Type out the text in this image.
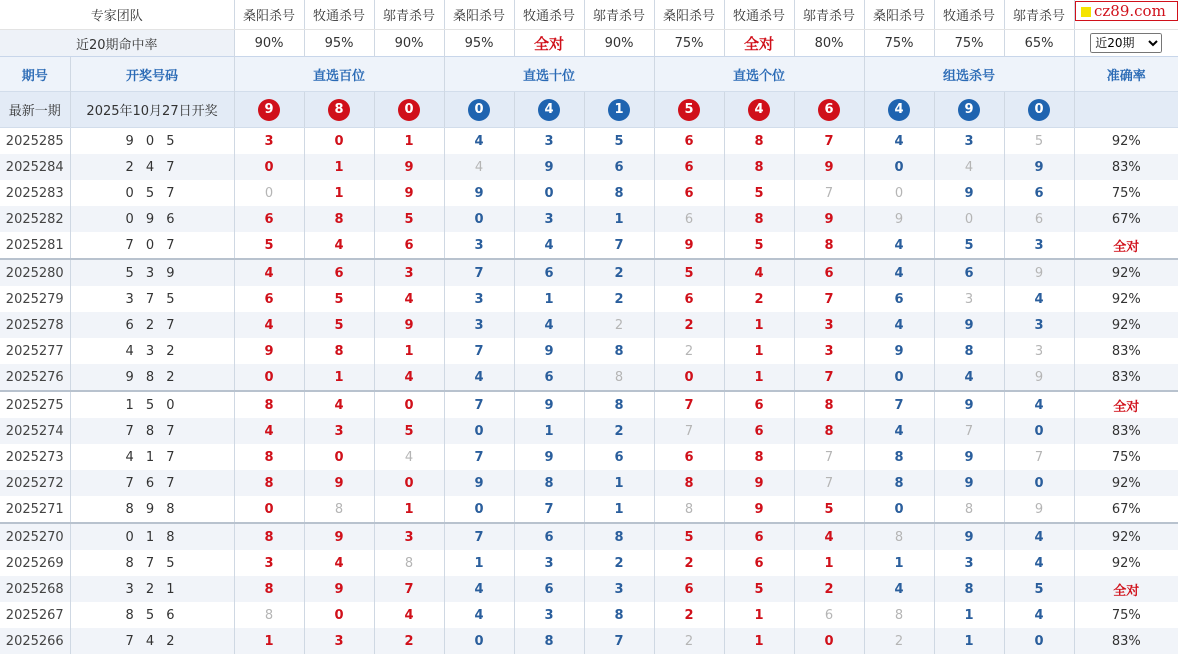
cz89.com
专家团队		桑阳杀号	牧通杀号	邬青杀号	桑阳杀号	牧通杀号	邬青杀号	桑阳杀号	牧通杀号	邬青杀号	桑阳杀号	牧通杀号	邬青杀号	
近20期命中率		90%	95%	90%	95%	全对	90%	75%	全对	80%	75%	75%	65%	
近20期
期号	开奖号码	直选百位			直选十位			直选个位			组选杀号			准确率
最新一期	2025年10月27日开奖	9	8	0	0	4	1	5	4	6	4	9	0	
2025285	9 0 5	3	0	1	4	3	5	6	8	7	4	3	5	92%
2025284	2 4 7	0	1	9	4	9	6	6	8	9	0	4	9	83%
2025283	0 5 7	0	1	9	9	0	8	6	5	7	0	9	6	75%
2025282	0 9 6	6	8	5	0	3	1	6	8	9	9	0	6	67%
2025281	7 0 7	5	4	6	3	4	7	9	5	8	4	5	3	全对
2025280	5 3 9	4	6	3	7	6	2	5	4	6	4	6	9	92%
2025279	3 7 5	6	5	4	3	1	2	6	2	7	6	3	4	92%
2025278	6 2 7	4	5	9	3	4	2	2	1	3	4	9	3	92%
2025277	4 3 2	9	8	1	7	9	8	2	1	3	9	8	3	83%
2025276	9 8 2	0	1	4	4	6	8	0	1	7	0	4	9	83%
2025275	1 5 0	8	4	0	7	9	8	7	6	8	7	9	4	全对
2025274	7 8 7	4	3	5	0	1	2	7	6	8	4	7	0	83%
2025273	4 1 7	8	0	4	7	9	6	6	8	7	8	9	7	75%
2025272	7 6 7	8	9	0	9	8	1	8	9	7	8	9	0	92%
2025271	8 9 8	0	8	1	0	7	1	8	9	5	0	8	9	67%
2025270	0 1 8	8	9	3	7	6	8	5	6	4	8	9	4	92%
2025269	8 7 5	3	4	8	1	3	2	2	6	1	1	3	4	92%
2025268	3 2 1	8	9	7	4	6	3	6	5	2	4	8	5	全对
2025267	8 5 6	8	0	4	4	3	8	2	1	6	8	1	4	75%
2025266	7 4 2	1	3	2	0	8	7	2	1	0	2	1	0	83%
